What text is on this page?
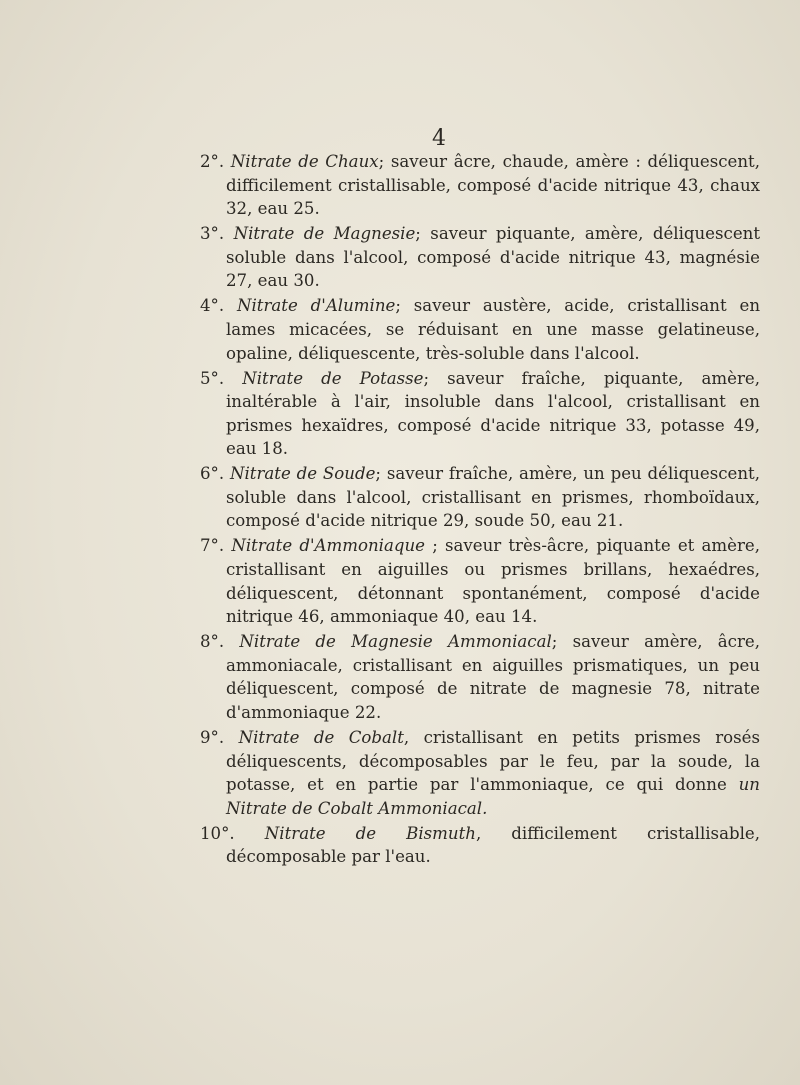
4

2°. Nitrate de Chaux; saveur âcre, chaude, amère : déliquescent, difficilement cristallisable, composé d'acide nitrique 43, chaux 32, eau 25.

3°. Nitrate de Magnesie; saveur piquante, amère, déliquescent soluble dans l'alcool, composé d'acide nitrique 43, magnésie 27, eau 30.

4°. Nitrate d'Alumine; saveur austère, acide, cristallisant en lames micacées, se réduisant en une masse gelatineuse, opaline, déliquescente, très-soluble dans l'alcool.

5°. Nitrate de Potasse; saveur fraîche, piquante, amère, inaltérable à l'air, insoluble dans l'alcool, cristallisant en prismes hexaïdres, composé d'acide nitrique 33, potasse 49, eau 18.

6°. Nitrate de Soude; saveur fraîche, amère, un peu déliquescent, soluble dans l'alcool, cristallisant en prismes, rhomboïdaux, composé d'acide nitrique 29, soude 50, eau 21.

7°. Nitrate d'Ammoniaque ; saveur très-âcre, piquante et amère, cristallisant en aiguilles ou prismes brillans, hexaédres, déliquescent, détonnant spontanément, composé d'acide nitrique 46, ammoniaque 40, eau 14.

8°. Nitrate de Magnesie Ammoniacal; saveur amère, âcre, ammoniacale, cristallisant en aiguilles prismatiques, un peu déliquescent, composé de nitrate de magnesie 78, nitrate d'ammoniaque 22.

9°. Nitrate de Cobalt, cristallisant en petits prismes rosés déliquescents, décomposables par le feu, par la soude, la potasse, et en partie par l'ammoniaque, ce qui donne un Nitrate de Cobalt Ammoniacal.

10°. Nitrate de Bismuth, difficilement cristallisable, décomposable par l'eau.
